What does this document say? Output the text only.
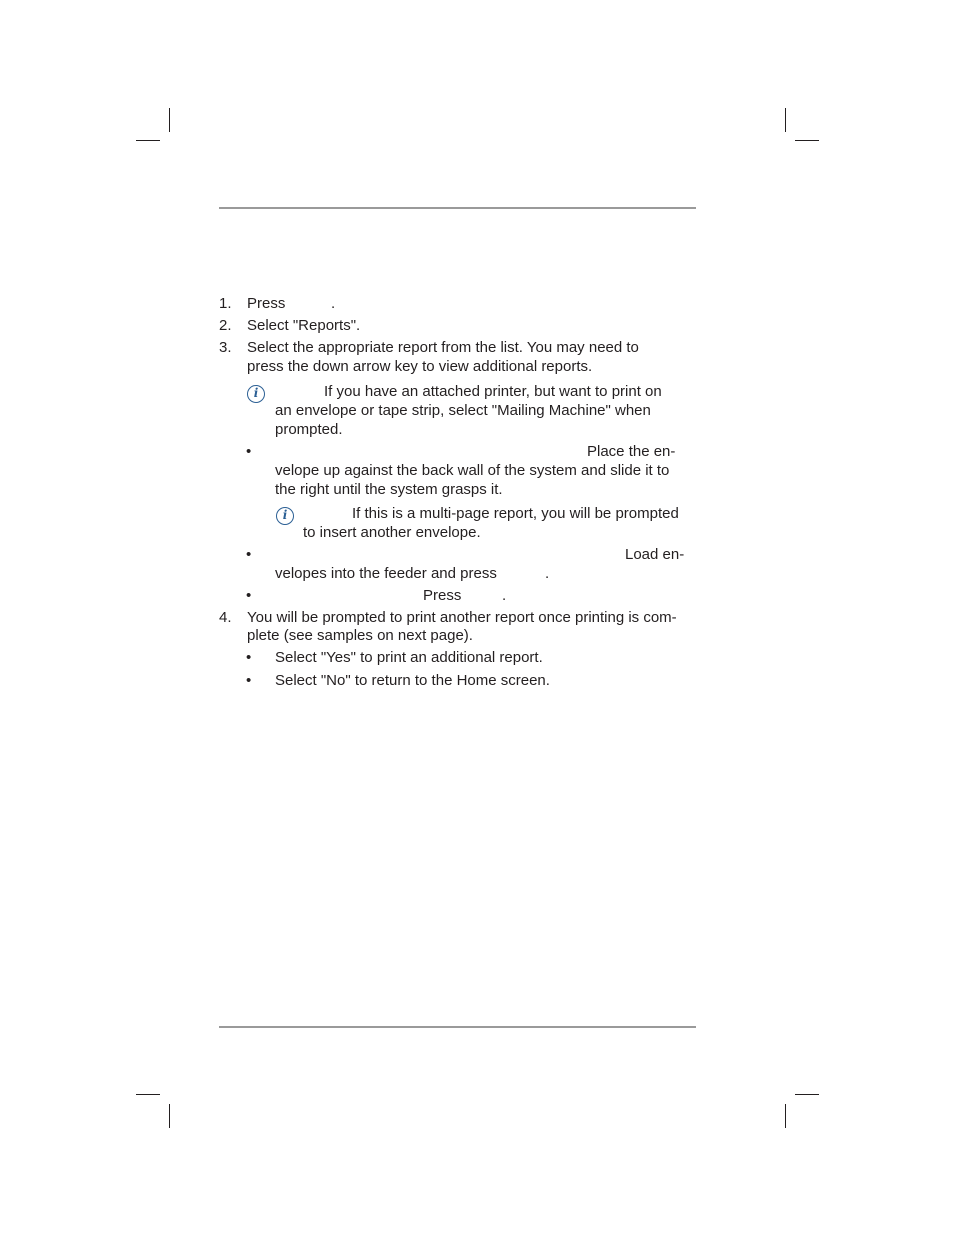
1. Press	.
2. Select "Reports".
3. Select the appropriate report from the list. You may need to
press the down arrow key to view additional reports.
i	If you have an attached printer, but want to print on
an envelope or tape strip, select "Mailing Machine" when
prompted.
•	Place the en-
velope up against the back wall of the system and slide it to
the right until the system grasps it.
i	If this is a multi-page report, you will be prompted
to insert another envelope.
•	Load en-
velopes into the feeder and press	.
•	Press	.
4. You will be prompted to print another report once printing is com-
plete (see samples on next page).
• Select "Yes" to print an additional report.
• Select "No" to return to the Home screen.
